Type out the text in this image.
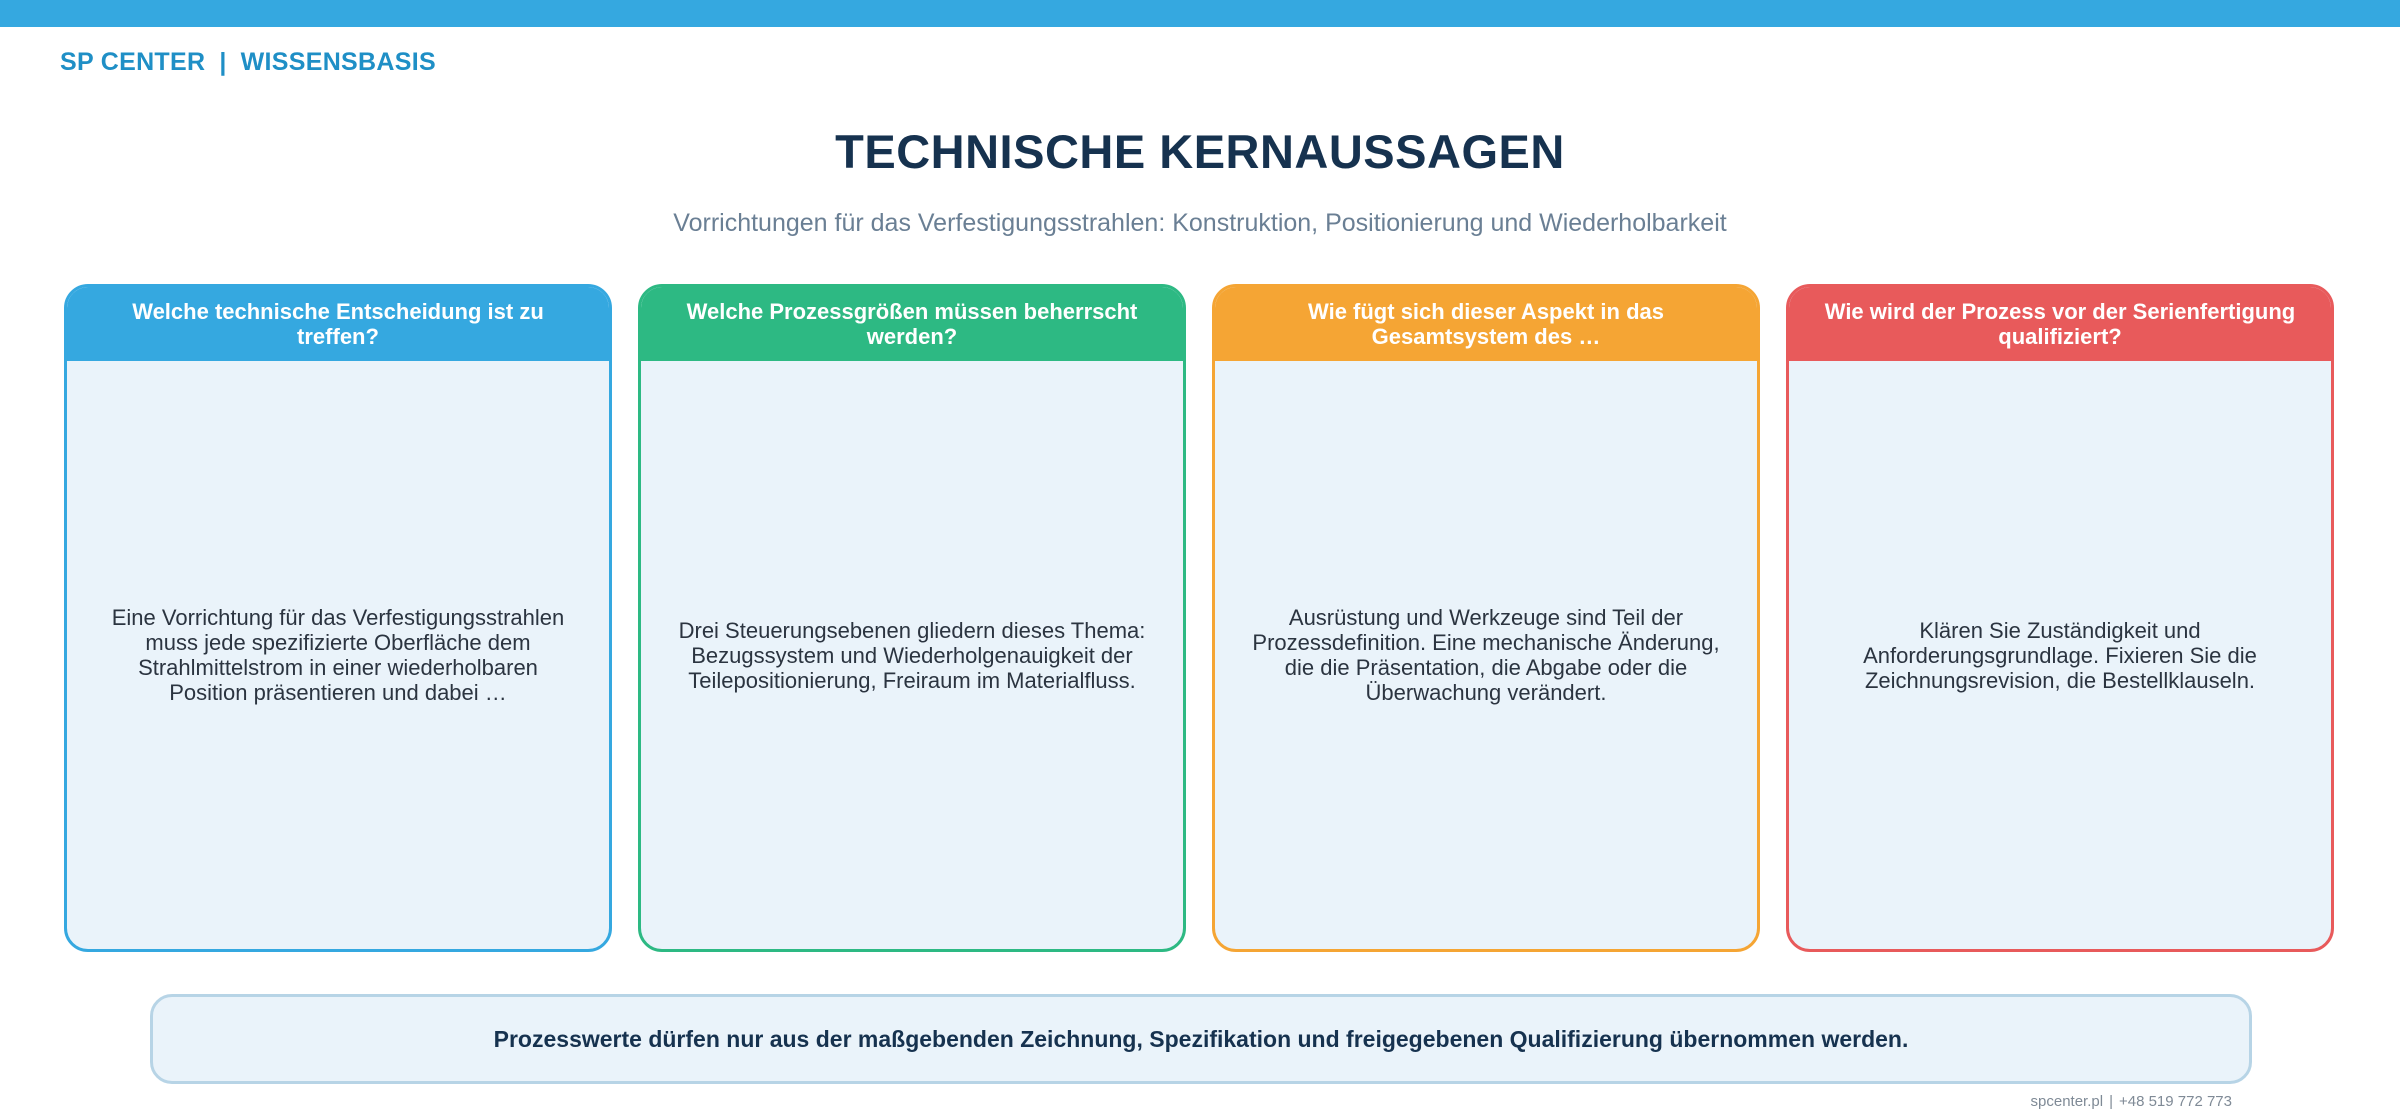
SP CENTER | WISSENSBASIS
TECHNISCHE KERNAUSSAGEN
Vorrichtungen für das Verfestigungsstrahlen: Konstruktion, Positionierung und Wiederholbarkeit
Welche technische Entscheidung ist zu treffen?
Eine Vorrichtung für das Verfestigungsstrahlen muss jede spezifizierte Oberfläche dem Strahlmittelstrom in einer wiederholbaren Position präsentieren und dabei …
Welche Prozessgrößen müssen beherrscht werden?
Drei Steuerungsebenen gliedern dieses Thema: Bezugssystem und Wiederholgenauigkeit der Teilepositionierung, Freiraum im Materialfluss.
Wie fügt sich dieser Aspekt in das Gesamtsystem des …
Ausrüstung und Werkzeuge sind Teil der Prozessdefinition. Eine mechanische Änderung, die die Präsentation, die Abgabe oder die Überwachung verändert.
Wie wird der Prozess vor der Serienfertigung qualifiziert?
Klären Sie Zuständigkeit und Anforderungsgrundlage. Fixieren Sie die Zeichnungsrevision, die Bestellklauseln.
Prozesswerte dürfen nur aus der maßgebenden Zeichnung, Spezifikation und freigegebenen Qualifizierung übernommen werden.
spcenter.pl | +48 519 772 773
